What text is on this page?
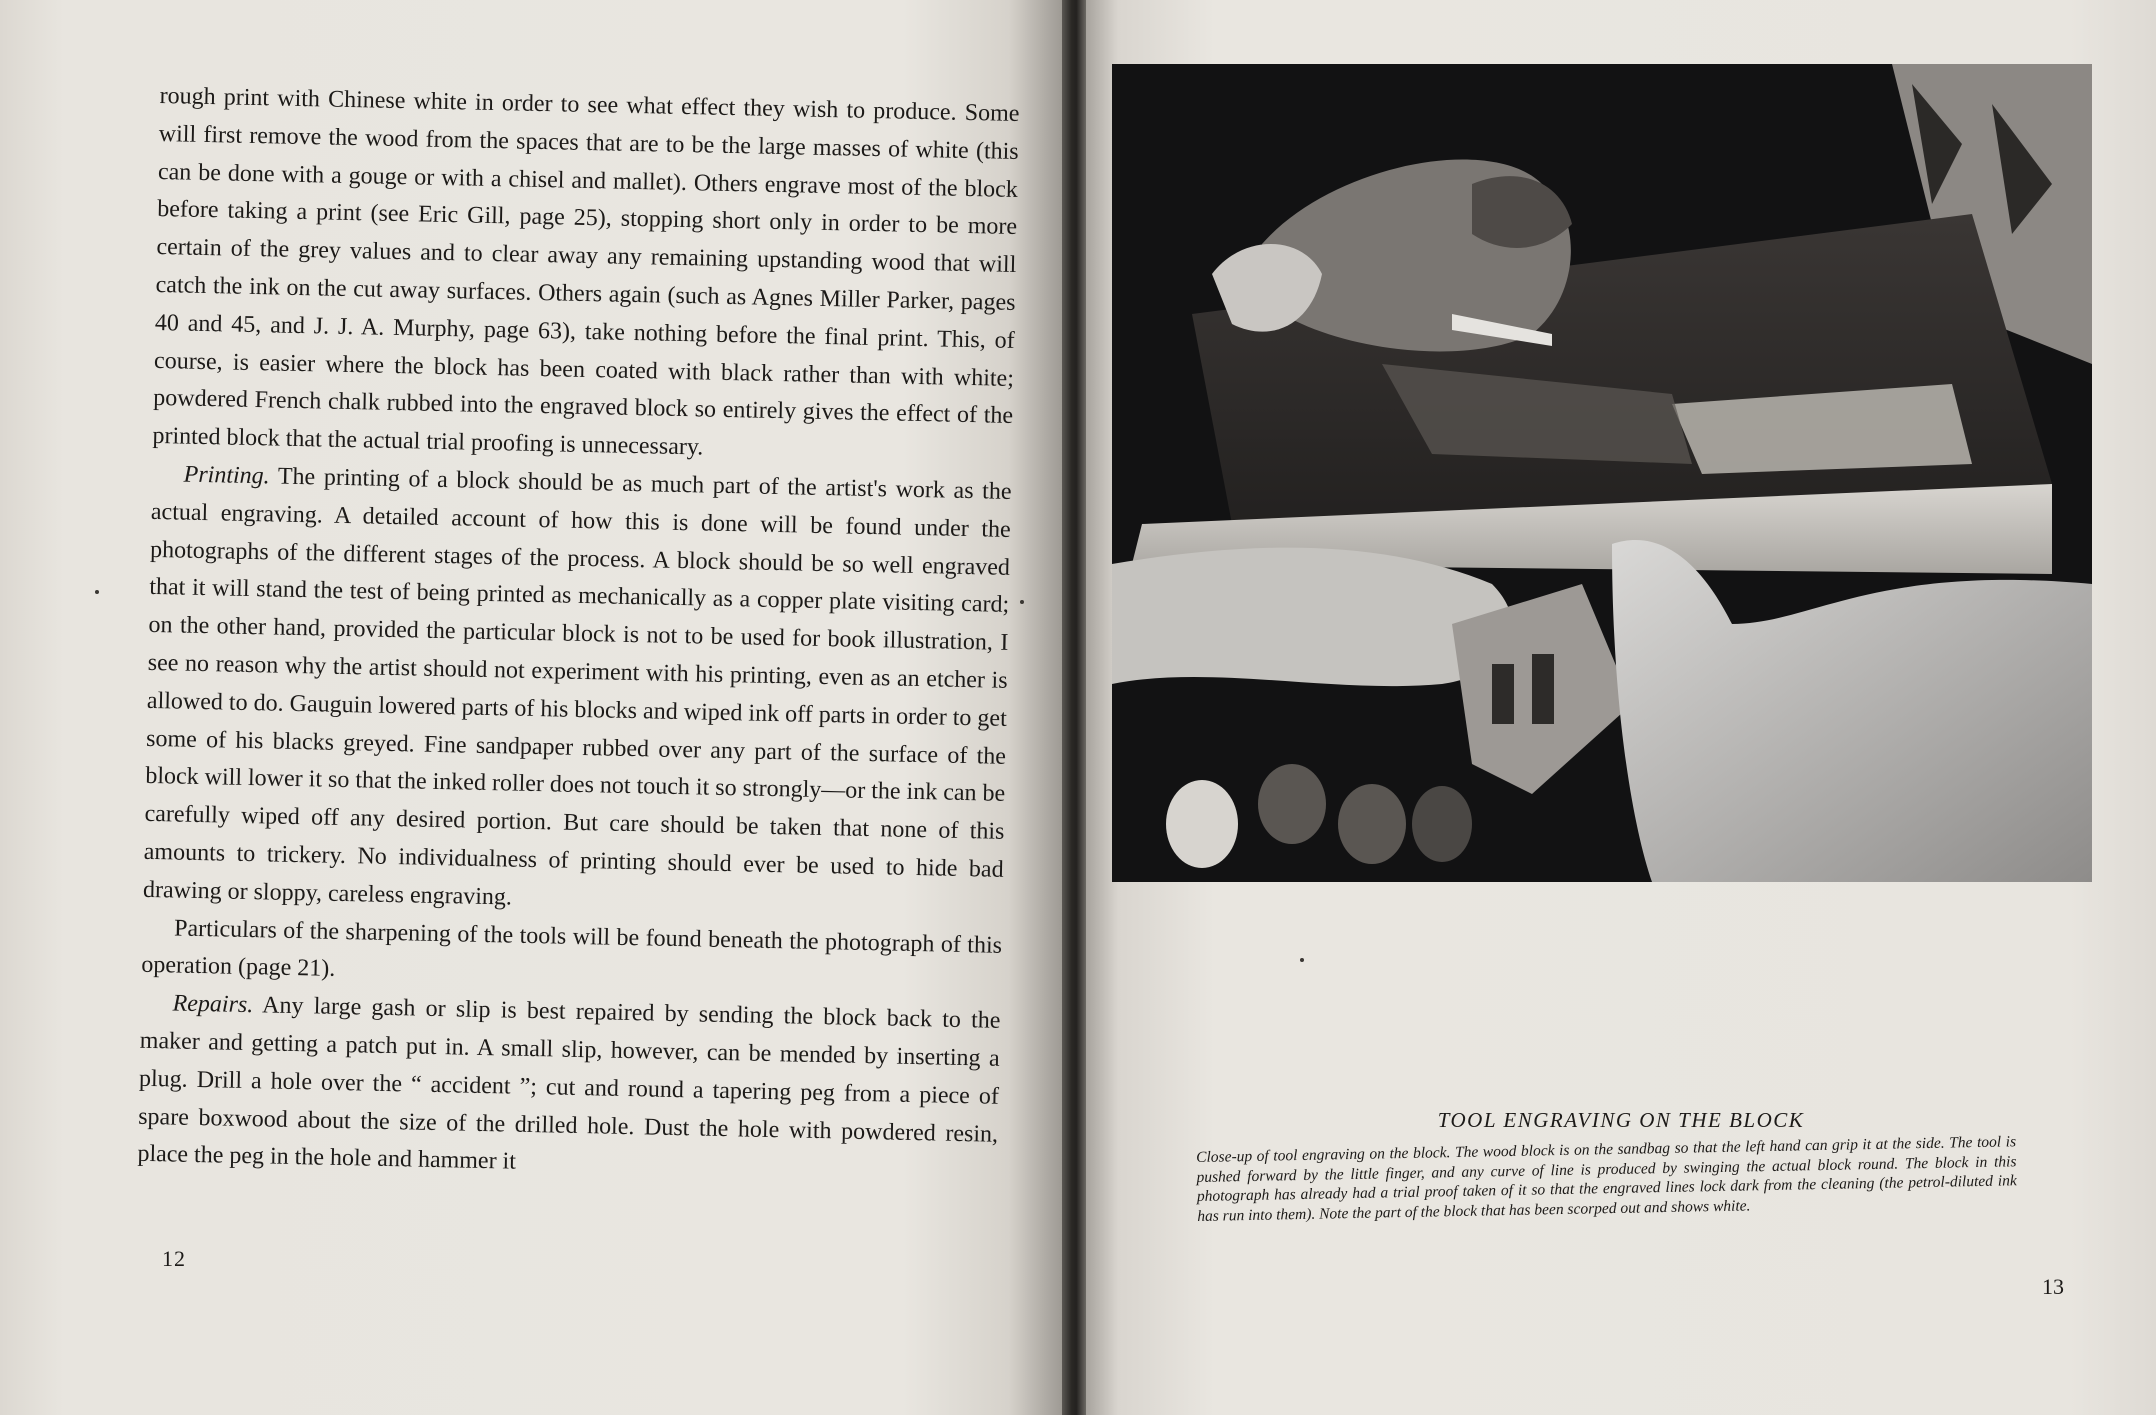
rough print with Chinese white in order to see what effect they wish to produce. Some will first remove the wood from the spaces that are to be the large masses of white (this can be done with a gouge or with a chisel and mallet). Others engrave most of the block before taking a print (see Eric Gill, page 25), stopping short only in order to be more certain of the grey values and to clear away any remaining upstanding wood that will catch the ink on the cut away surfaces. Others again (such as Agnes Miller Parker, pages 40 and 45, and J. J. A. Murphy, page 63), take nothing before the final print. This, of course, is easier where the block has been coated with black rather than with white; powdered French chalk rubbed into the engraved block so entirely gives the effect of the printed block that the actual trial proofing is unnecessary.

Printing. The printing of a block should be as much part of the artist's work as the actual engraving. A detailed account of how this is done will be found under the photographs of the different stages of the process. A block should be so well engraved that it will stand the test of being printed as mechanically as a copper plate visiting card; on the other hand, provided the particular block is not to be used for book illustration, I see no reason why the artist should not experiment with his printing, even as an etcher is allowed to do. Gauguin lowered parts of his blocks and wiped ink off parts in order to get some of his blacks greyed. Fine sandpaper rubbed over any part of the surface of the block will lower it so that the inked roller does not touch it so strongly—or the ink can be carefully wiped off any desired portion. But care should be taken that none of this amounts to trickery. No individualness of printing should ever be used to hide bad drawing or sloppy, careless engraving.

Particulars of the sharpening of the tools will be found beneath the photograph of this operation (page 21).

Repairs. Any large gash or slip is best repaired by sending the block back to the maker and getting a patch put in. A small slip, however, can be mended by inserting a plug. Drill a hole over the “ accident ”; cut and round a tapering peg from a piece of spare boxwood about the size of the drilled hole. Dust the hole with powdered resin, place the peg in the hole and hammer it

12
TOOL ENGRAVING ON THE BLOCK
Close-up of tool engraving on the block. The wood block is on the sandbag so that the left hand can grip it at the side. The tool is pushed forward by the little finger, and any curve of line is produced by swinging the actual block round. The block in this photograph has already had a trial proof taken of it so that the engraved lines lock dark from the cleaning (the petrol-diluted ink has run into them). Note the part of the block that has been scorped out and shows white.
13
